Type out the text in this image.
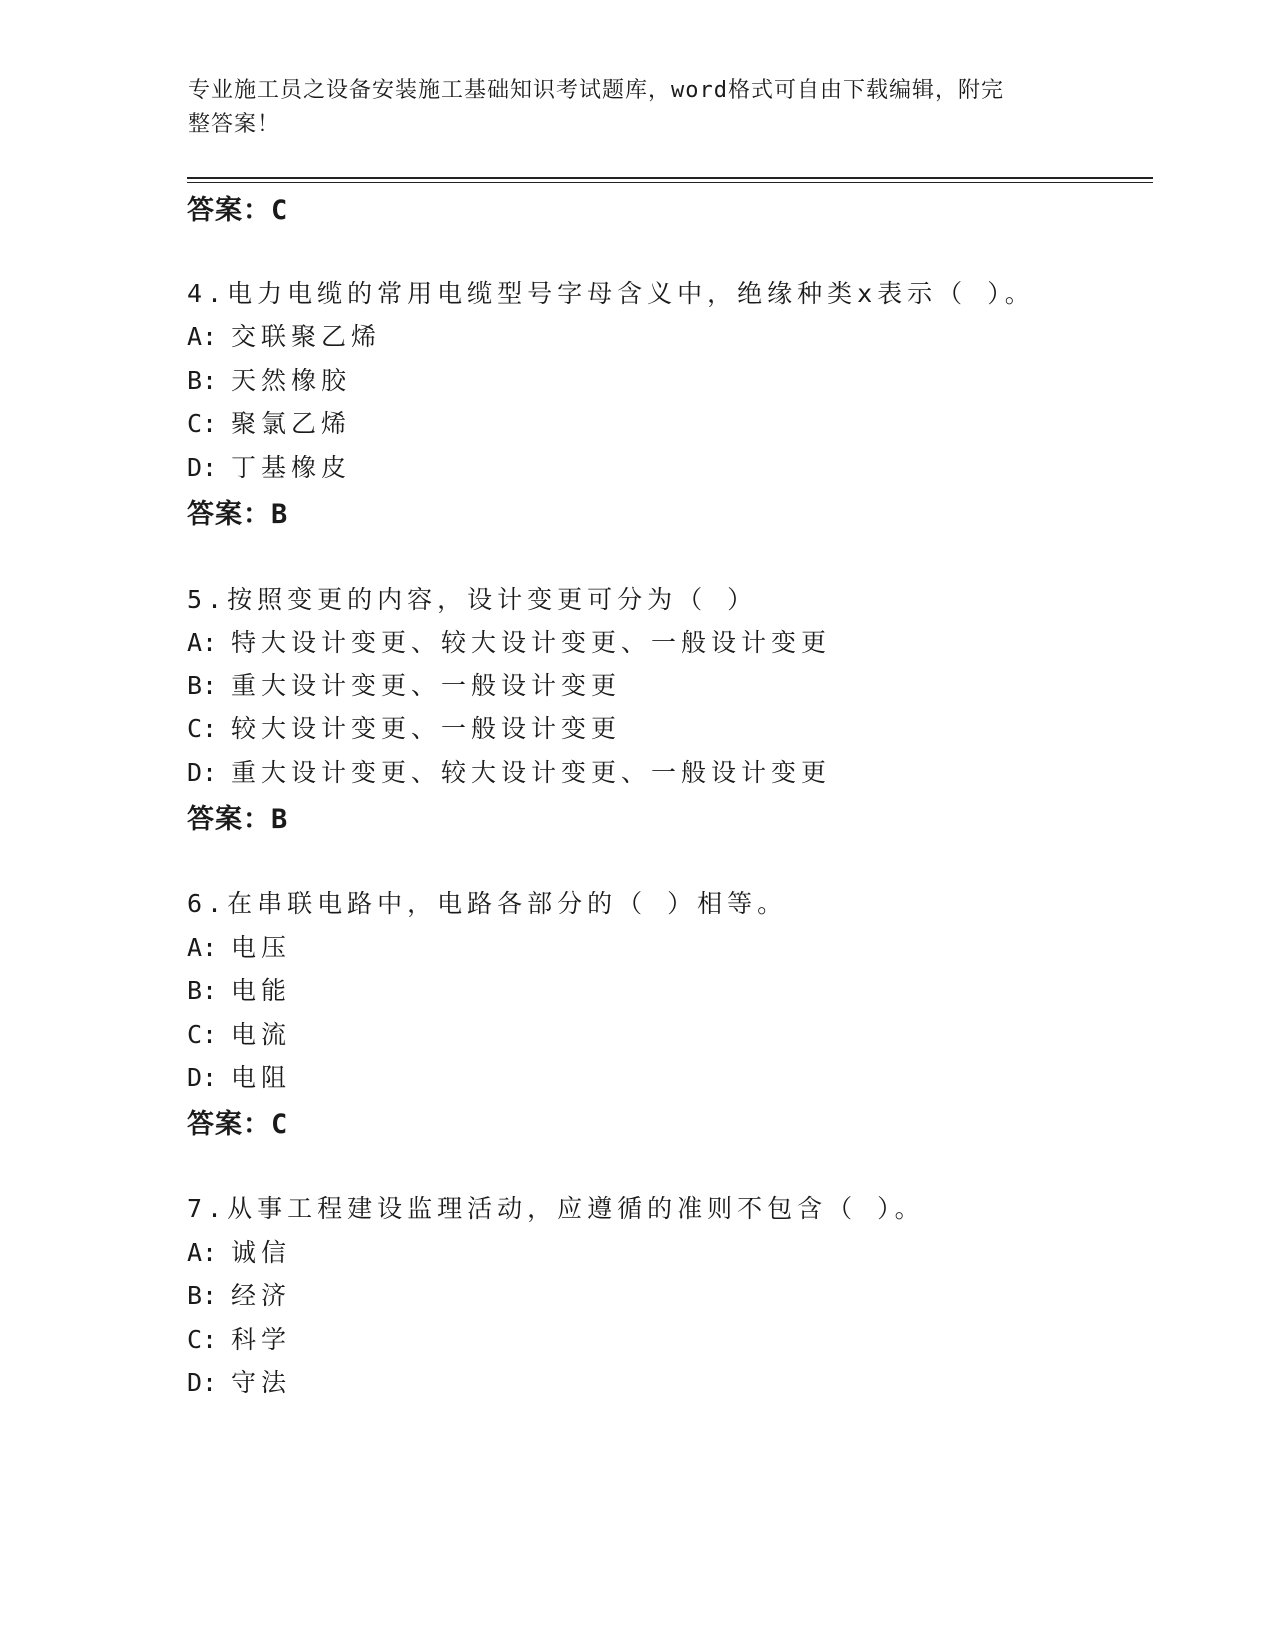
专业施工员之设备安装施工基础知识考试题库，word格式可自由下载编辑，附完
整答案！
答案：C
4.电力电缆的常用电缆型号字母含义中，绝缘种类x表示（ ）。
A: 交联聚乙烯
B: 天然橡胶
C: 聚氯乙烯
D: 丁基橡皮
答案：B
5.按照变更的内容，设计变更可分为（ ）
A: 特大设计变更、较大设计变更、一般设计变更
B: 重大设计变更、一般设计变更
C: 较大设计变更、一般设计变更
D: 重大设计变更、较大设计变更、一般设计变更
答案：B
6.在串联电路中，电路各部分的（ ）相等。
A: 电压
B: 电能
C: 电流
D: 电阻
答案：C
7.从事工程建设监理活动，应遵循的准则不包含（ ）。
A: 诚信
B: 经济
C: 科学
D: 守法
